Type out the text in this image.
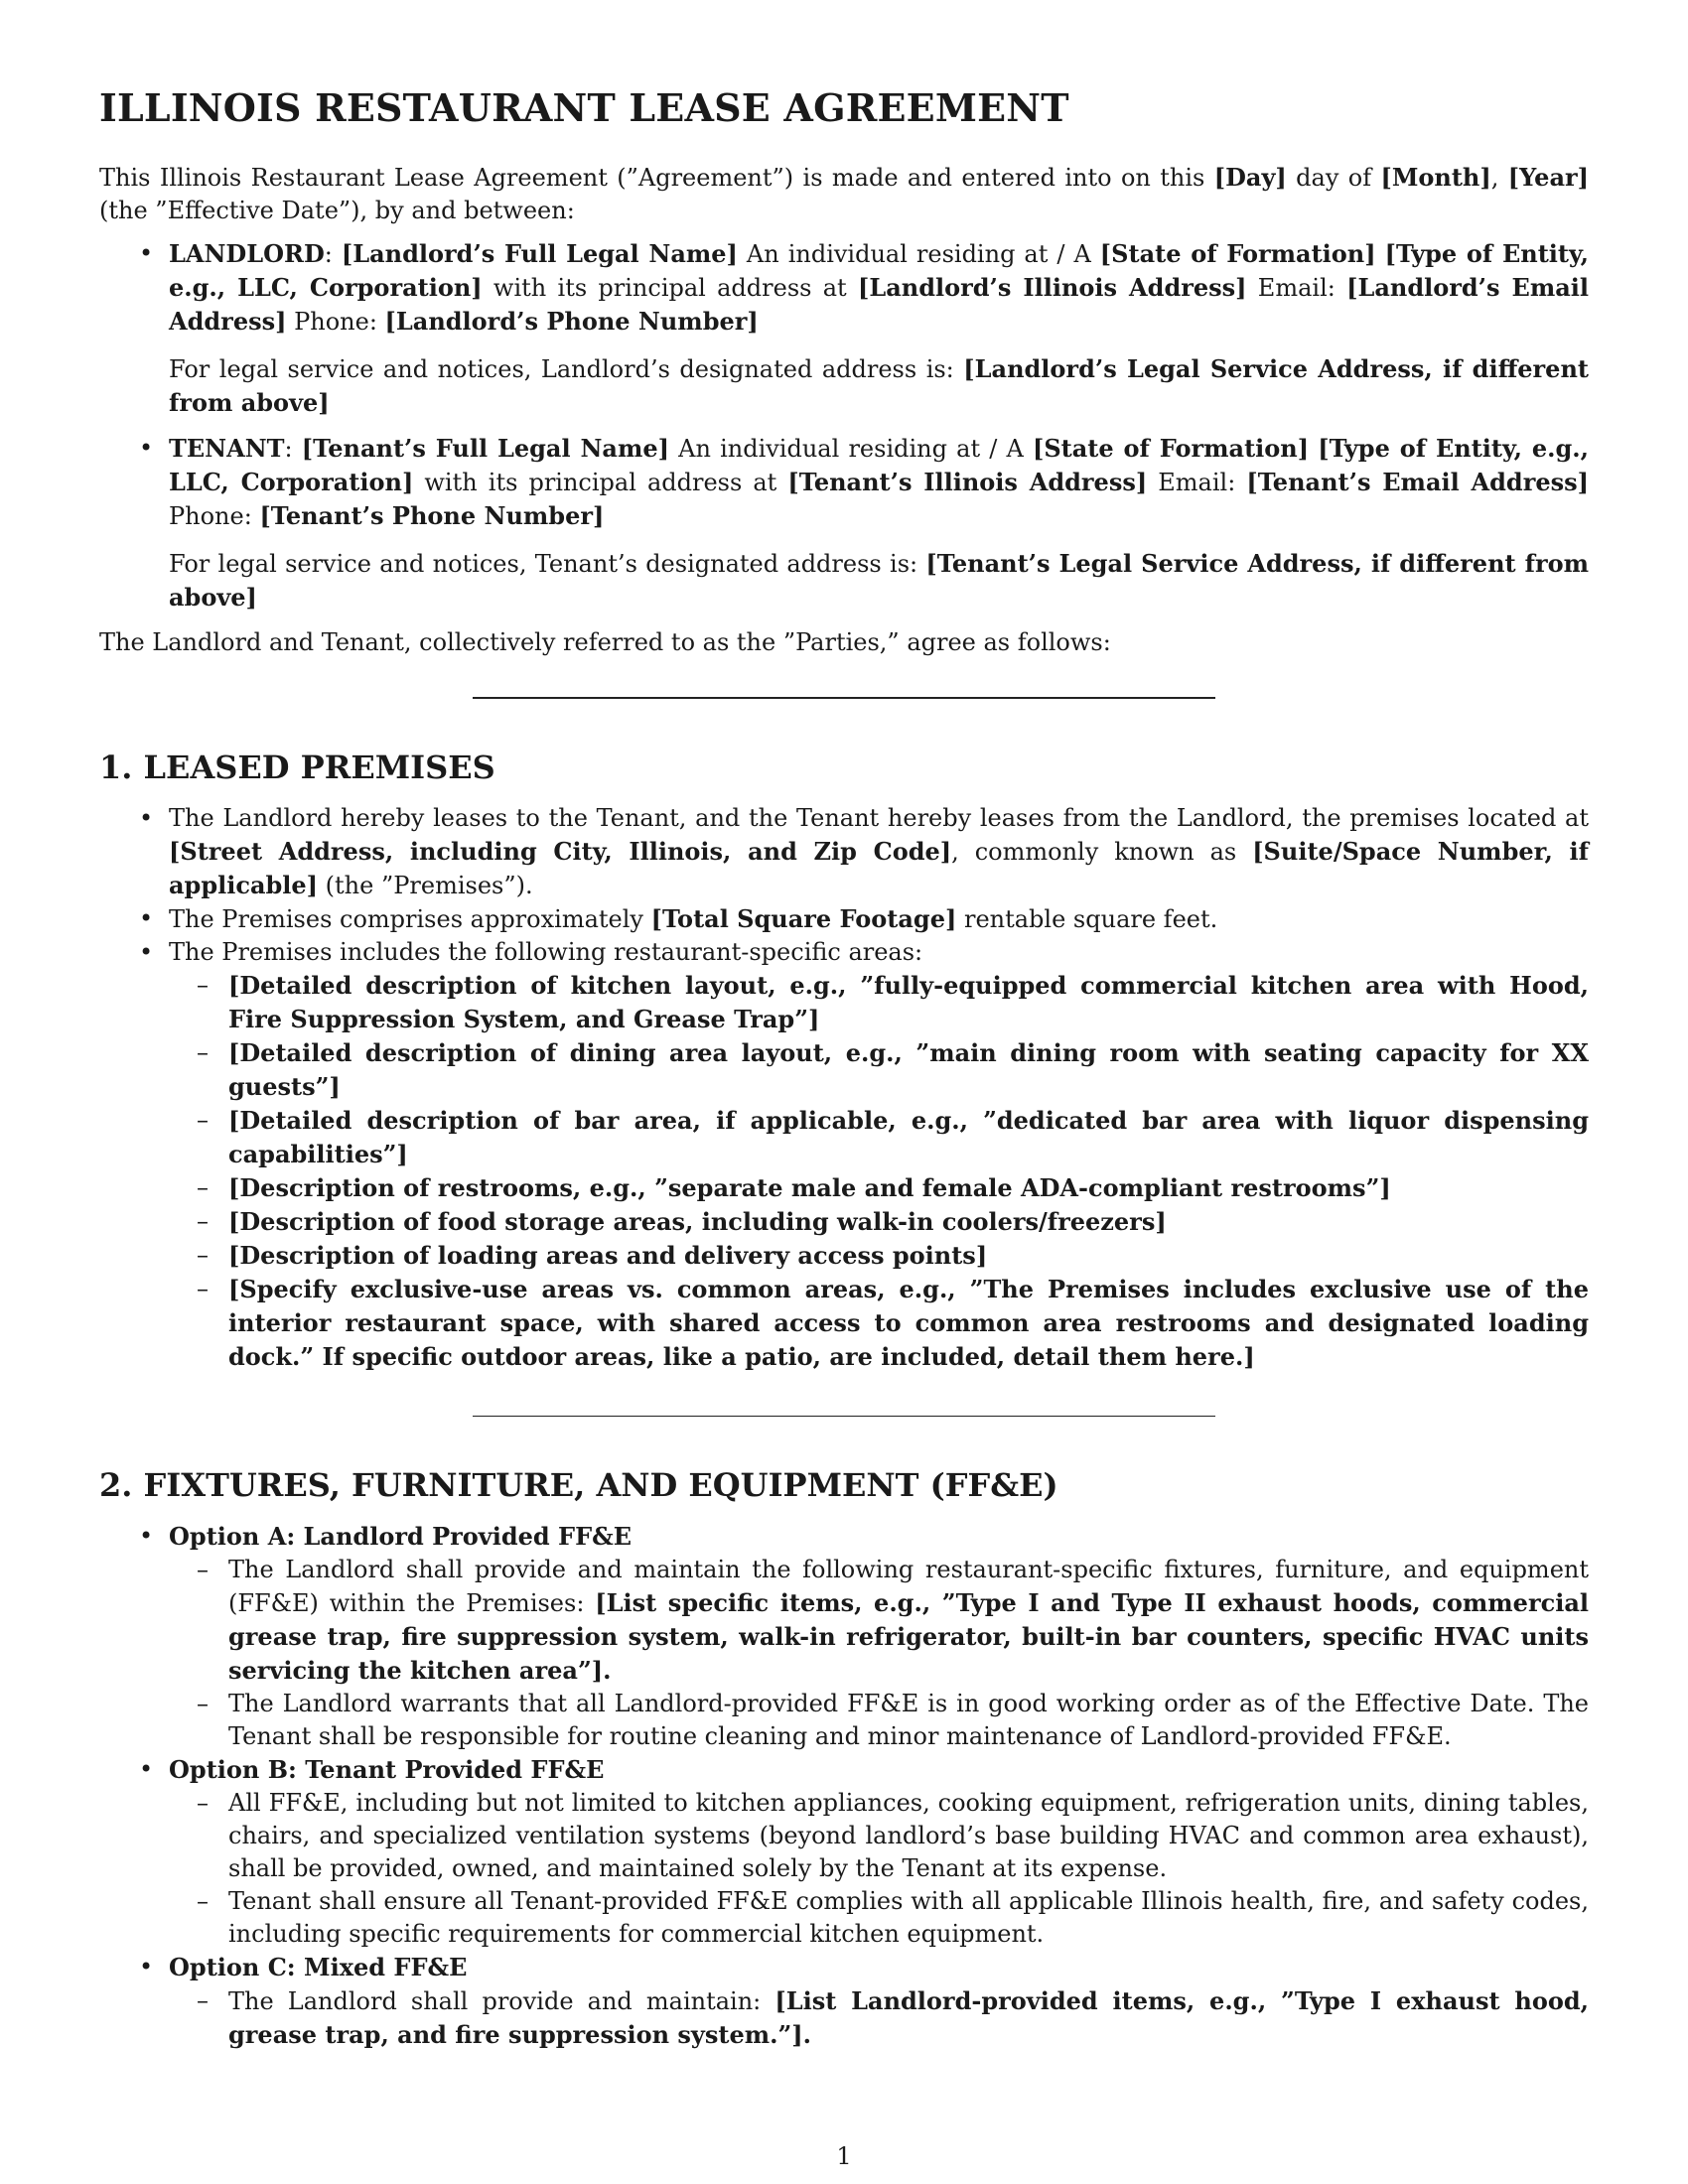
ILLINOIS RESTAURANT LEASE AGREEMENT

This Illinois Restaurant Lease Agreement (”Agreement”) is made and entered into on this [Day] day of [Month], [Year] (the ”Effective Date”), by and between:

• LANDLORD: [Landlord’s Full Legal Name] An individual residing at / A [State of Formation] [Type of Entity, e.g., LLC, Corporation] with its principal address at [Landlord’s Illinois Address] Email: [Landlord’s Email Address] Phone: [Landlord’s Phone Number]

For legal service and notices, Landlord’s designated address is: [Landlord’s Legal Service Address, if different from above]

• TENANT: [Tenant’s Full Legal Name] An individual residing at / A [State of Formation] [Type of Entity, e.g., LLC, Corporation] with its principal address at [Tenant’s Illinois Address] Email: [Tenant’s Email Address] Phone: [Tenant’s Phone Number]

For legal service and notices, Tenant’s designated address is: [Tenant’s Legal Service Address, if different from above]

The Landlord and Tenant, collectively referred to as the ”Parties,” agree as follows:

1. LEASED PREMISES
• The Landlord hereby leases to the Tenant, and the Tenant hereby leases from the Landlord, the premises located at [Street Address, including City, Illinois, and Zip Code], commonly known as [Suite/Space Number, if applicable] (the ”Premises”).
• The Premises comprises approximately [Total Square Footage] rentable square feet.
• The Premises includes the following restaurant-specific areas:
– [Detailed description of kitchen layout, e.g., ”fully-equipped commercial kitchen area with Hood, Fire Suppression System, and Grease Trap”]
– [Detailed description of dining area layout, e.g., ”main dining room with seating capacity for XX guests”]
– [Detailed description of bar area, if applicable, e.g., ”dedicated bar area with liquor dispensing capabilities”]
– [Description of restrooms, e.g., ”separate male and female ADA-compliant restrooms”]
– [Description of food storage areas, including walk-in coolers/freezers]
– [Description of loading areas and delivery access points]
– [Specify exclusive-use areas vs. common areas, e.g., ”The Premises includes exclusive use of the interior restaurant space, with shared access to common area restrooms and designated loading dock.” If specific outdoor areas, like a patio, are included, detail them here.]
2. FIXTURES, FURNITURE, AND EQUIPMENT (FF&E)
• Option A: Landlord Provided FF&E
– The Landlord shall provide and maintain the following restaurant-specific fixtures, furniture, and equipment (FF&E) within the Premises: [List specific items, e.g., ”Type I and Type II exhaust hoods, commercial grease trap, fire suppression system, walk-in refrigerator, built-in bar counters, specific HVAC units servicing the kitchen area”].
– The Landlord warrants that all Landlord-provided FF&E is in good working order as of the Effective Date. The Tenant shall be responsible for routine cleaning and minor maintenance of Landlord-provided FF&E.
• Option B: Tenant Provided FF&E
– All FF&E, including but not limited to kitchen appliances, cooking equipment, refrigeration units, dining tables, chairs, and specialized ventilation systems (beyond landlord’s base building HVAC and common area exhaust), shall be provided, owned, and maintained solely by the Tenant at its expense.
– Tenant shall ensure all Tenant-provided FF&E complies with all applicable Illinois health, fire, and safety codes, including specific requirements for commercial kitchen equipment.
• Option C: Mixed FF&E
– The Landlord shall provide and maintain: [List Landlord-provided items, e.g., ”Type I exhaust hood, grease trap, and fire suppression system.”].
1
